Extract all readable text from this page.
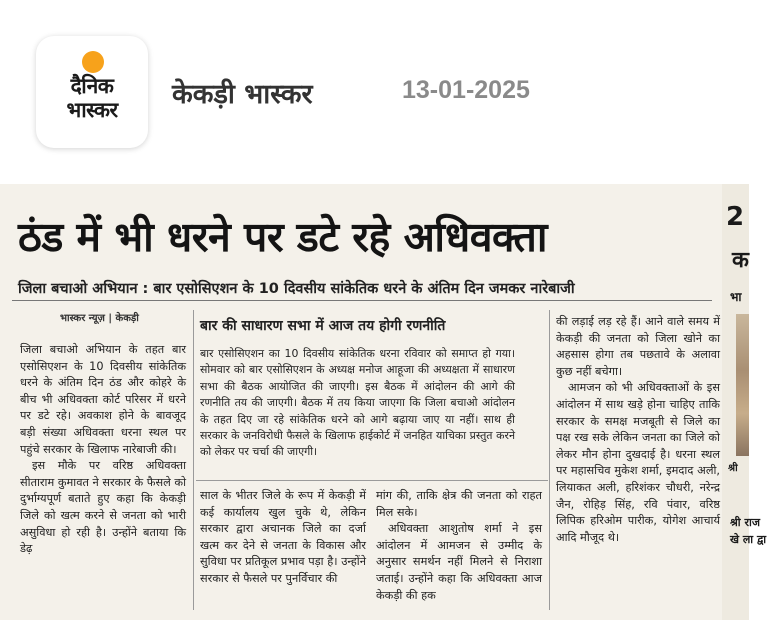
दैनिक
भास्कर	केकड़ी भास्कर	13-01-2025
ठंड में भी धरने पर डटे रहे अधिवक्ता
जिला बचाओ अभियान : बार एसोसिएशन के 10 दिवसीय सांकेतिक धरने के अंतिम दिन जमकर नारेबाजी
भास्कर न्यूज़ | केकड़ी

जिला बचाओ अभियान के तहत बार एसोसिएशन के 10 दिवसीय सांकेतिक धरने के अंतिम दिन ठंड और कोहरे के बीच भी अधिवक्ता कोर्ट परिसर में धरने पर डटे रहे। अवकाश होने के बावजूद बड़ी संख्या अधिवक्ता धरना स्थल पर पहुंचे सरकार के खिलाफ नारेबाजी की।

इस मौके पर वरिष्ठ अधिवक्ता सीताराम कुमावत ने सरकार के फैसले को दुर्भाग्यपूर्ण बताते हुए कहा कि केकड़ी जिले को खत्म करने से जनता को भारी असुविधा हो रही है। उन्होंने बताया कि डेढ़

बार की साधारण सभा में आज तय होगी रणनीति

बार एसोसिएशन का 10 दिवसीय सांकेतिक धरना रविवार को समाप्त हो गया। सोमवार को बार एसोसिएशन के अध्यक्ष मनोज आहूजा की अध्यक्षता में साधारण सभा की बैठक आयोजित की जाएगी। इस बैठक में आंदोलन की आगे की रणनीति तय की जाएगी। बैठक में तय किया जाएगा कि जिला बचाओ आंदोलन के तहत दिए जा रहे सांकेतिक धरने को आगे बढ़ाया जाए या नहीं। साथ ही सरकार के जनविरोधी फैसले के खिलाफ हाईकोर्ट में जनहित याचिका प्रस्तुत करने को लेकर पर चर्चा की जाएगी।

साल के भीतर जिले के रूप में केकड़ी में कई कार्यालय खुल चुके थे, लेकिन सरकार द्वारा अचानक जिले का दर्जा खत्म कर देने से जनता के विकास और सुविधा पर प्रतिकूल प्रभाव पड़ा है। उन्होंने सरकार से फैसले पर पुनर्विचार की

मांग की, ताकि क्षेत्र की जनता को राहत मिल सके।

अधिवक्ता आशुतोष शर्मा ने इस आंदोलन में आमजन से उम्मीद के अनुसार समर्थन नहीं मिलने से निराशा जताई। उन्होंने कहा कि अधिवक्ता आज केकड़ी की हक

की लड़ाई लड़ रहे हैं। आने वाले समय में केकड़ी की जनता को जिला खोने का अहसास होगा तब पछतावे के अलावा कुछ नहीं बचेगा।

आमजन को भी अधिवक्ताओं के इस आंदोलन में साथ खड़े होना चाहिए ताकि सरकार के समक्ष मजबूती से जिले का पक्ष रख सके लेकिन जनता का जिले को लेकर मौन होना दुखदाई है। धरना स्थल पर महासचिव मुकेश शर्मा, इमदाद अली, लियाकत अली, हरिशंकर चौधरी, नरेन्द्र जैन, रोहिड़ सिंह, रवि पंवार, वरिष्ठ लिपिक हरिओम पारीक, योगेश आचार्य आदि मौजूद थे।

2
क
भा
श्री
श्री राज खे ला द्वा
